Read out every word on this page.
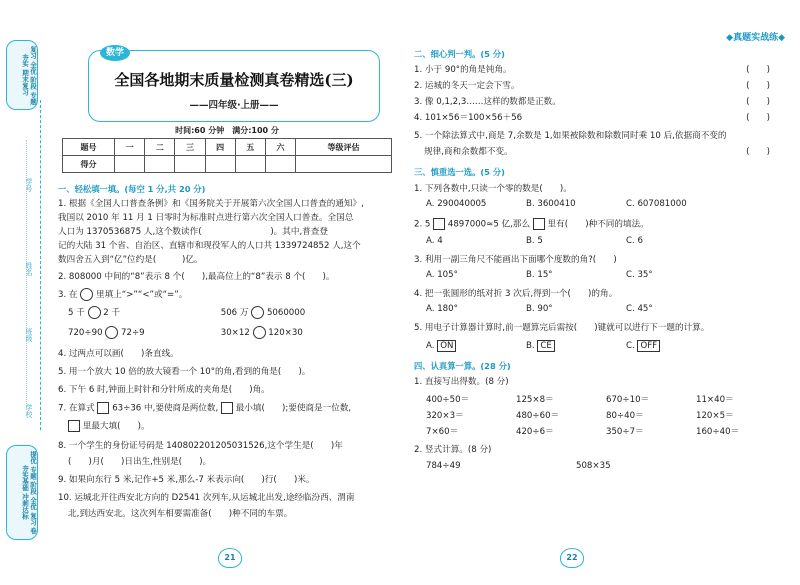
复习 全优 阶段 专题 夯实 期末复习
学号
姓名
班级
学校
提优 专题 阶段 全优 复习 卷 夯实基础 冲刺达标
全国各地期末质量检测真卷精选(三)
——四年级·上册——
数学
时间:60 分钟　满分:100 分
题号	一	二	三	四	五	六	等级评估
得分							
一、轻松填一填。(每空 1 分,共 20 分)
1. 根据《全国人口普查条例》和《国务院关于开展第六次全国人口普查的通知》,
我国以 2010 年 11 月 1 日零时为标准时点进行第六次全国人口普查。全国总
人口为 1370536875 人,这个数读作(　　　　　　　　)。其中,普查登
记的大陆 31 个省、自治区、直辖市和现役军人的人口共 1339724852 人,这个
数四舍五入到“亿”位约是(　　　)亿。
2. 808000 中间的“8”表示 8 个(　　),最高位上的“8”表示 8 个(　　)。
3. 在 里填上“>”“<”或“=”。
5 千 2 千	506 万 5060000
720÷90 72÷9	30×12 120×30
4. 过两点可以画(　　)条直线。
5. 用一个放大 10 倍的放大镜看一个 10°的角,看到的角是(　　)。
6. 下午 6 时,钟面上时针和分针所成的夹角是(　　)角。
7. 在算式 63÷36 中,要使商是两位数, 最小填(　　);要使商是一位数,
里最大填(　　)。
8. 一个学生的身份证号码是 140802201205031526,这个学生是(　　)年
(　　)月(　　)日出生,性别是(　　)。
9. 如果向东行 5 米,记作+5 米,那么-7 米表示向(　　)行(　　)米。
10. 运城北开往西安北方向的 D2541 次列车,从运城北出发,途经临汾西、渭南
北,到达西安北。这次列车相要需准备(　　)种不同的车票。
21
◆真题实战练◆
二、细心判一判。(5 分)
1. 小于 90°的角是钝角。	(　　)
2. 运城的冬天一定会下雪。	(　　)
3. 像 0,1,2,3……这样的数都是正数。	(　　)
4. 101×56＝100×56＋56	(　　)
5. 一个除法算式中,商是 7,余数是 1,如果被除数和除数同时乘 10 后,依据商不变的
规律,商和余数都不变。	(　　)
三、慎重选一选。(5 分)
1. 下列各数中,只读一个零的数是(　　)。
A. 290040005	B. 3600410	C. 607081000
2. 5 4897000≈5 亿,那么 里有(　　)种不同的填法。
A. 4	B. 5	C. 6
3. 利用一副三角尺不能画出下面哪个度数的角?(　　)
A. 105°	B. 15°	C. 35°
4. 把一张圆形的纸对折 3 次后,得到一个(　　)的角。
A. 180°	B. 90°	C. 45°
5. 用电子计算器计算时,前一题算完后需按(　　)键就可以进行下一题的计算。
A. ON	B. CE	C. OFF
四、认真算一算。(28 分)
1. 直接写出得数。(8 分)
400÷50＝	125×8＝	670÷10＝	11×40＝
320×3＝	480÷60＝	80÷40＝	120×5＝
7×60＝	420÷6＝	350÷7＝	160÷40＝
2. 竖式计算。(8 分)
784÷49	508×35
22
